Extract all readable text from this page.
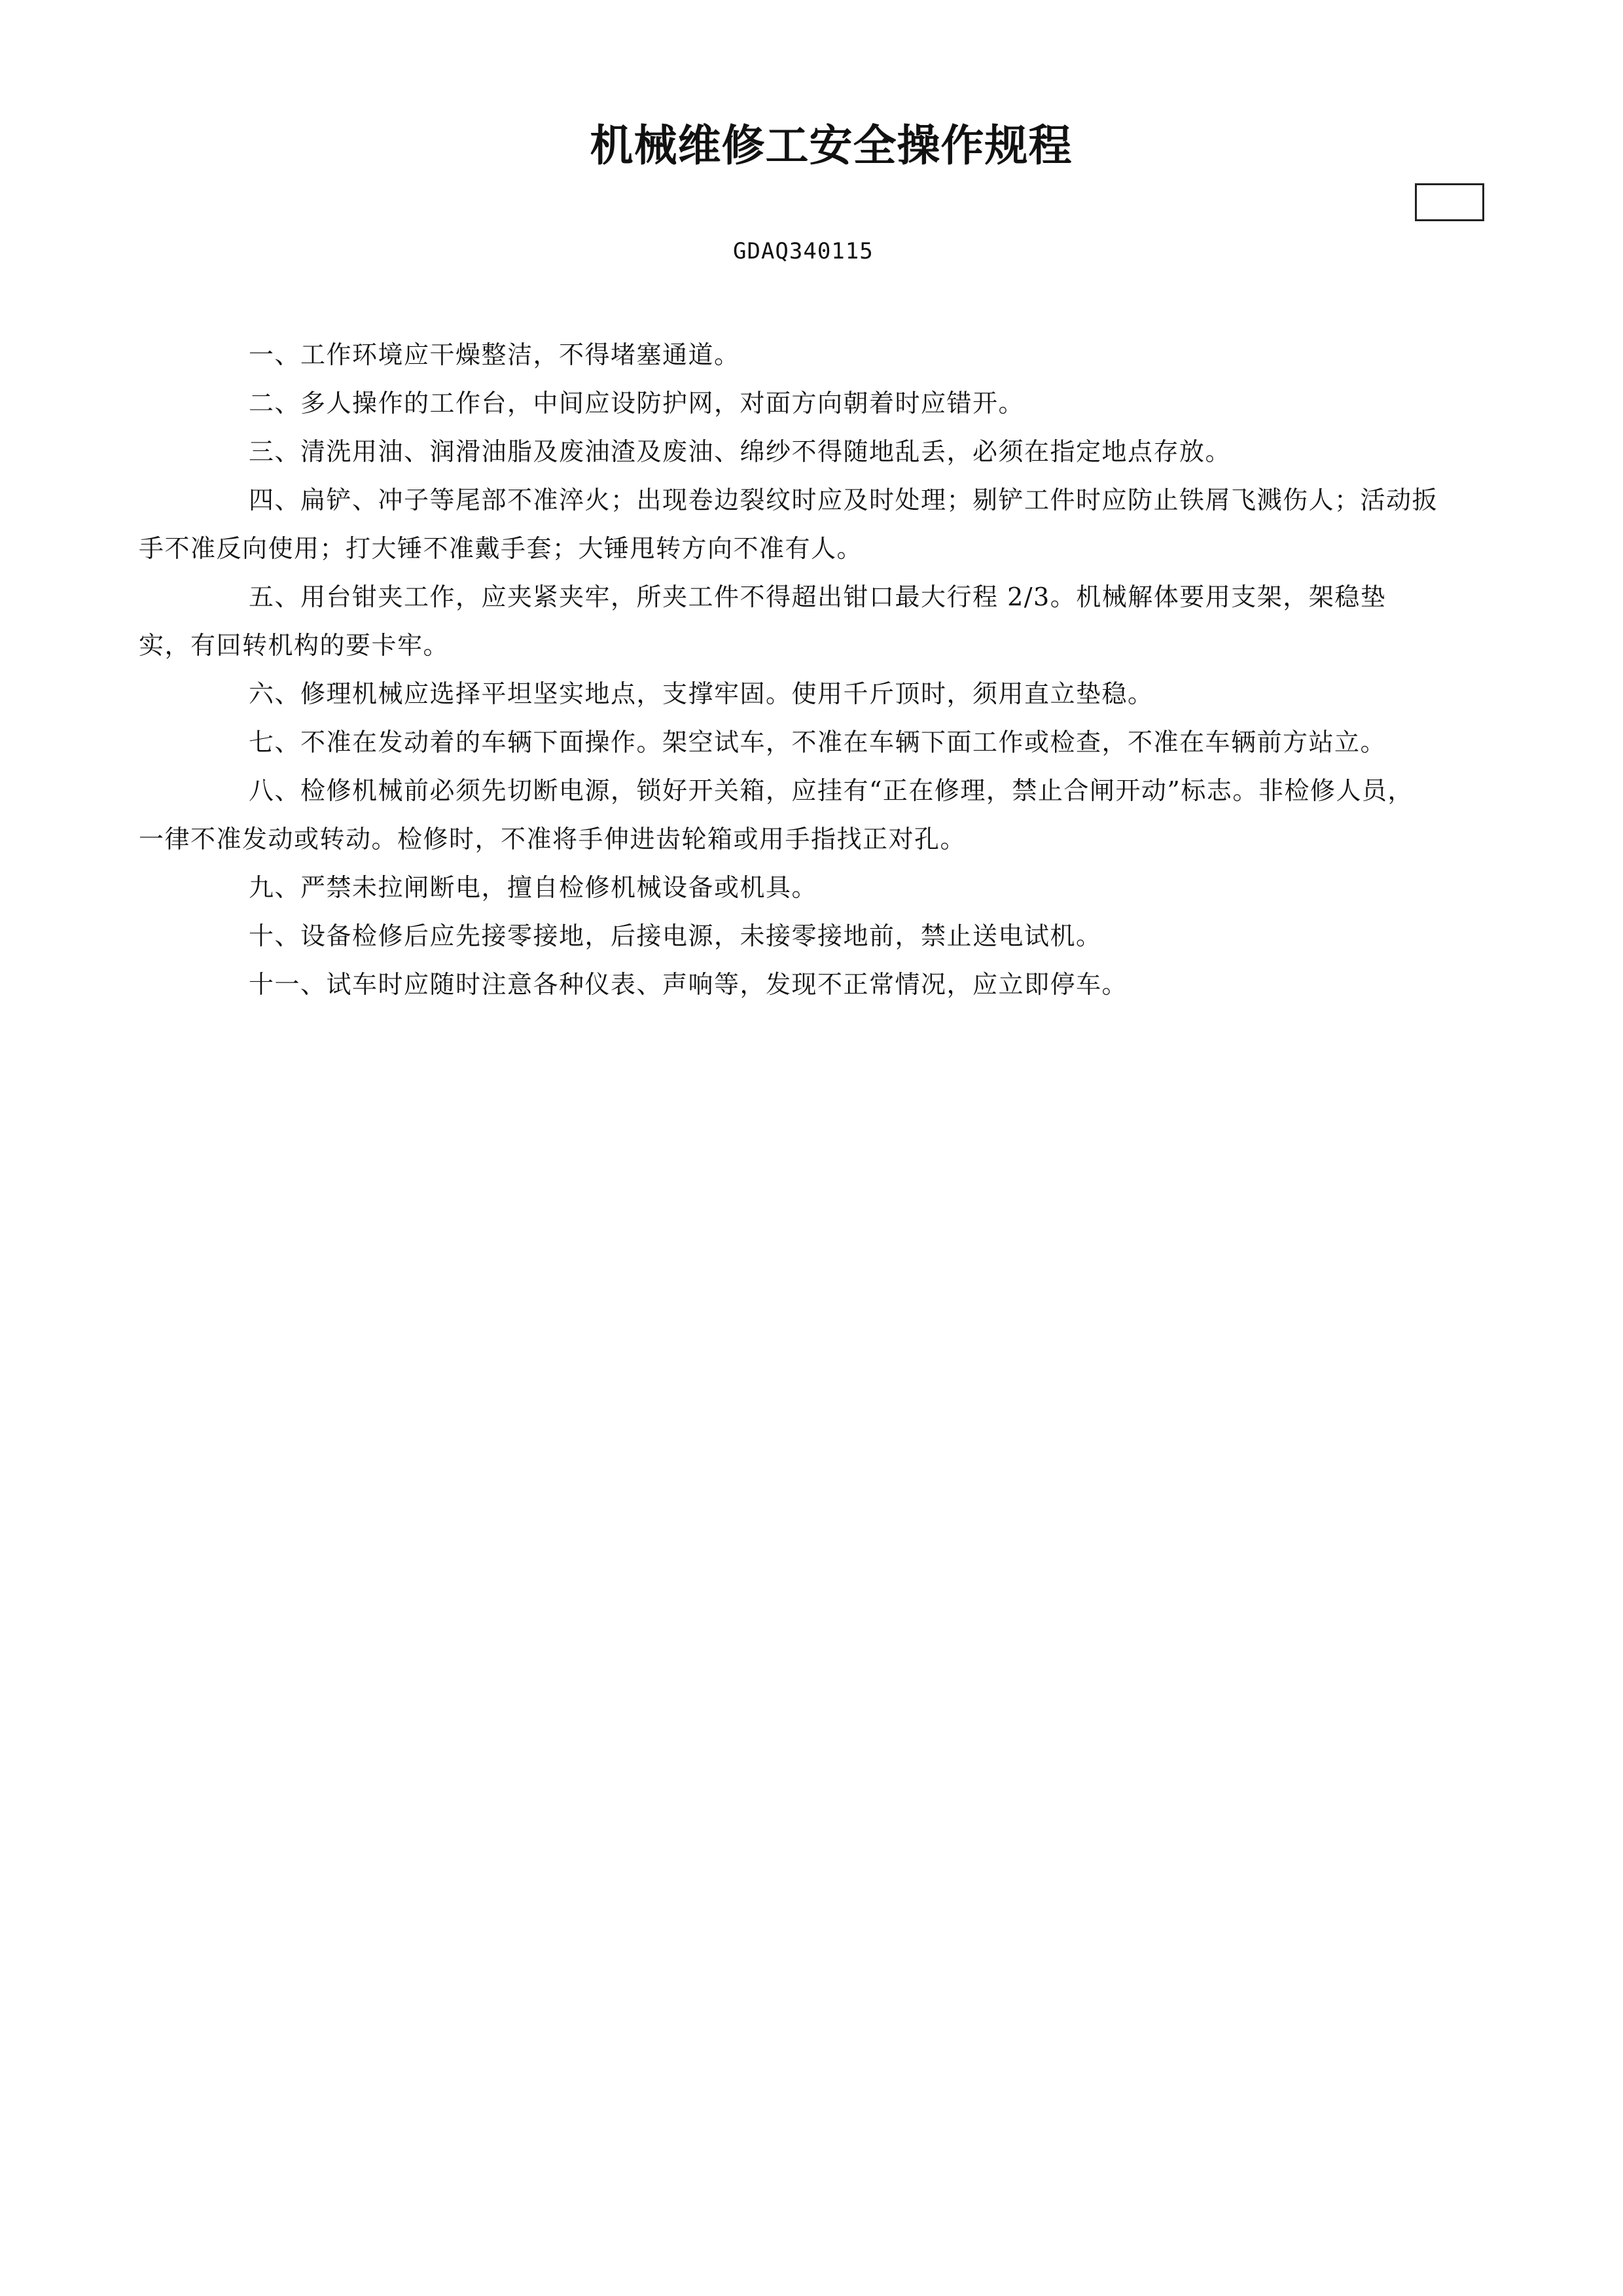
机械维修工安全操作规程
GDAQ340115
一、工作环境应干燥整洁，不得堵塞通道。
二、多人操作的工作台，中间应设防护网，对面方向朝着时应错开。
三、清洗用油、润滑油脂及废油渣及废油、绵纱不得随地乱丢，必须在指定地点存放。
四、扁铲、冲子等尾部不准淬火；出现卷边裂纹时应及时处理；剔铲工件时应防止铁屑飞溅伤人；活动扳
手不准反向使用；打大锤不准戴手套；大锤甩转方向不准有人。
五、用台钳夹工作，应夹紧夹牢，所夹工件不得超出钳口最大行程 2/3。机械解体要用支架，架稳垫
实，有回转机构的要卡牢。
六、修理机械应选择平坦坚实地点，支撑牢固。使用千斤顶时，须用直立垫稳。
七、不准在发动着的车辆下面操作。架空试车，不准在车辆下面工作或检查，不准在车辆前方站立。
八、检修机械前必须先切断电源，锁好开关箱，应挂有“正在修理，禁止合闸开动”标志。非检修人员，
一律不准发动或转动。检修时，不准将手伸进齿轮箱或用手指找正对孔。
九、严禁未拉闸断电，擅自检修机械设备或机具。
十、设备检修后应先接零接地，后接电源，未接零接地前，禁止送电试机。
十一、试车时应随时注意各种仪表、声响等，发现不正常情况，应立即停车。
